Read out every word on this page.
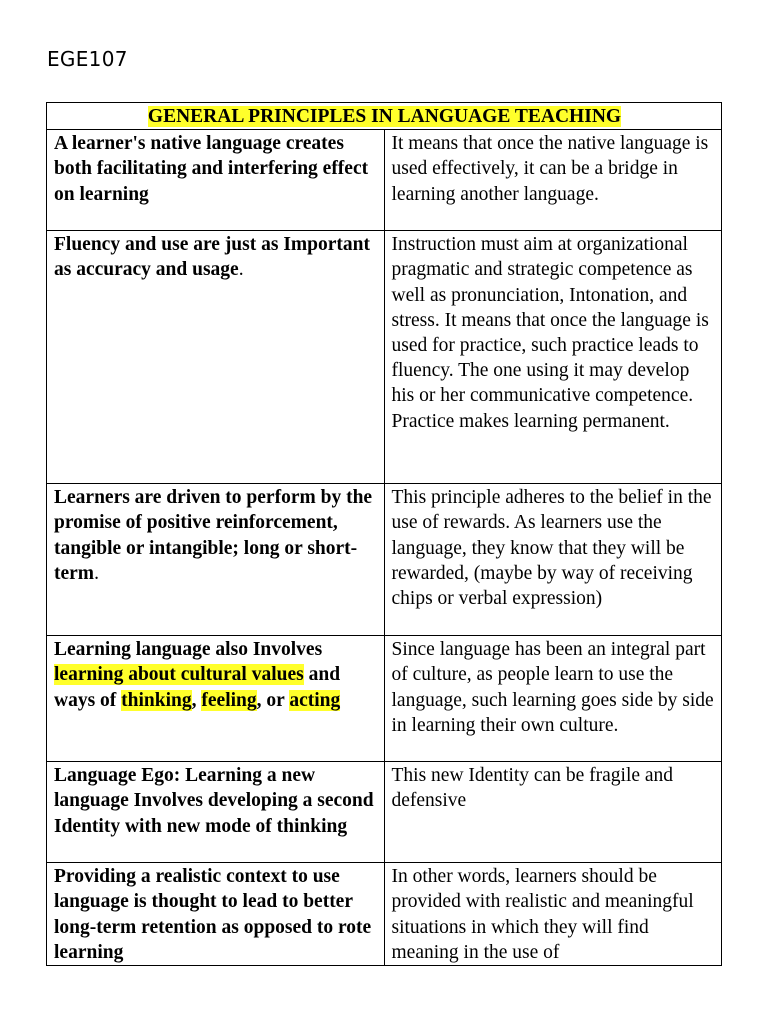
EGE107
GENERAL PRINCIPLES IN LANGUAGE TEACHING	
A learner's native language creates both facilitating and interfering effect on learning	It means that once the native language is used effectively, it can be a bridge in learning another language.
Fluency and use are just as Important as accuracy and usage.	Instruction must aim at organizational pragmatic and strategic competence as well as pronunciation, Intonation, and stress. It means that once the language is used for practice, such practice leads to fluency. The one using it may develop his or her communicative competence. Practice makes learning permanent.
Learners are driven to perform by the promise of positive reinforcement, tangible or intangible; long or short-term.	This principle adheres to the belief in the use of rewards. As learners use the language, they know that they will be rewarded, (maybe by way of receiving chips or verbal expression)
Learning language also Involves learning about cultural values and ways of thinking, feeling, or acting	Since language has been an integral part of culture, as people learn to use the language, such learning goes side by side in learning their own culture.
Language Ego: Learning a new language Involves developing a second Identity with new mode of thinking	This new Identity can be fragile and defensive
Providing a realistic context to use language is thought to lead to better long-term retention as opposed to rote learning	In other words, learners should be provided with realistic and meaningful situations in which they will find meaning in the use of
